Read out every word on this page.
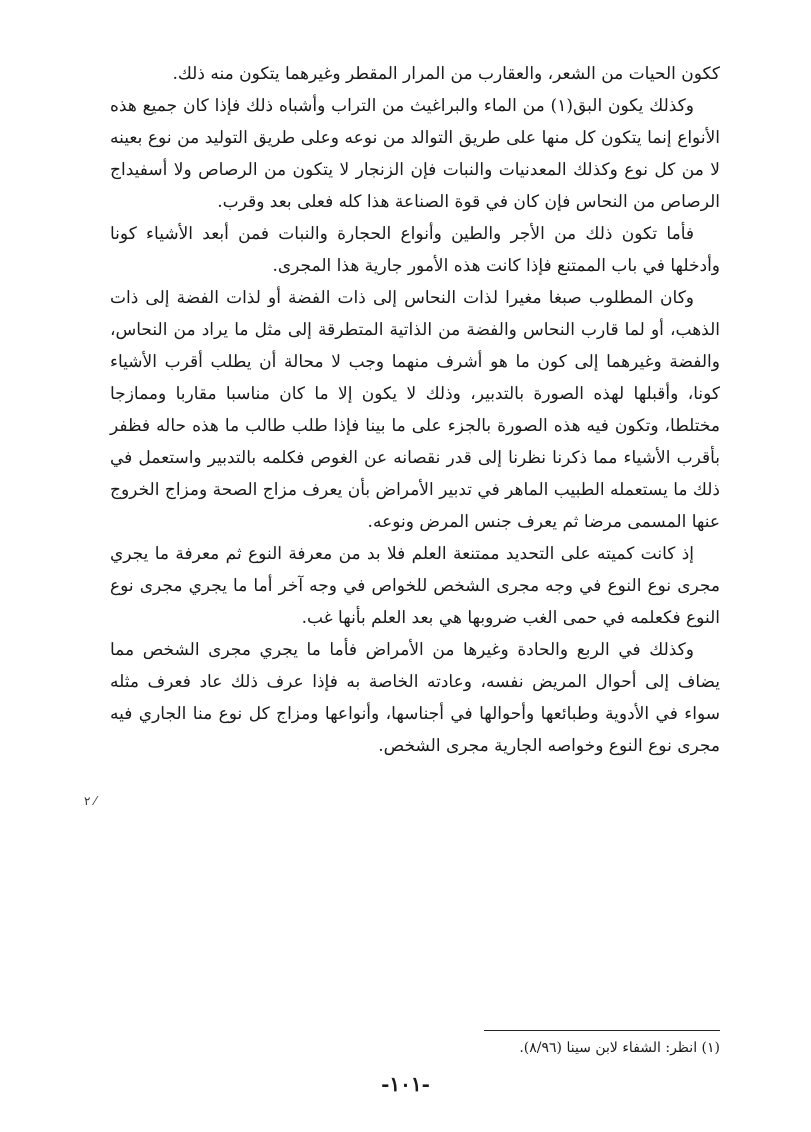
ككون الحيات من الشعر، والعقارب من المرار المقطر وغيرهما يتكون منه ذلك.

وكذلك يكون البق(١) من الماء والبراغيث من التراب وأشباه ذلك فإذا كان جميع هذه الأنواع إنما يتكون كل منها على طريق التوالد من نوعه وعلى طريق التوليد من نوع بعينه لا من كل نوع وكذلك المعدنيات والنبات فإن الزنجار لا يتكون من الرصاص ولا أسفيداج الرصاص من النحاس فإن كان في قوة الصناعة هذا كله فعلى بعد وقرب.

فأما تكون ذلك من الأجر والطين وأنواع الحجارة والنبات فمن أبعد الأشياء كونا وأدخلها في باب الممتنع فإذا كانت هذه الأمور جارية هذا المجرى.

وكان المطلوب صبغا مغيرا لذات النحاس إلى ذات الفضة أو لذات الفضة إلى ذات الذهب، أو لما قارب النحاس والفضة من الذاتية المتطرقة إلى مثل ما يراد من النحاس، والفضة وغيرهما إلى كون ما هو أشرف منهما وجب لا محالة أن يطلب أقرب الأشياء كونا، وأقبلها لهذه الصورة بالتدبير، وذلك لا يكون إلا ما كان مناسبا مقاربا وممازجا مختلطا، وتكون فيه هذه الصورة بالجزء على ما بينا فإذا طلب طالب ما هذه حاله فظفر بأقرب الأشياء مما ذكرنا نظرنا إلى قدر نقصانه عن الغوص فكلمه بالتدبير واستعمل في ذلك ما يستعمله الطبيب الماهر في تدبير الأمراض بأن يعرف مزاج الصحة ومزاج الخروج عنها المسمى مرضا ثم يعرف جنس المرض ونوعه.

إذ كانت كميته على التحديد ممتنعة العلم فلا بد من معرفة النوع ثم معرفة ما يجري مجرى نوع النوع في وجه مجرى الشخص للخواص في وجه آخر أما ما يجري مجرى نوع النوع فكعلمه في حمى الغب ضروبها هي بعد العلم بأنها غب.

وكذلك في الربع والحادة وغيرها من الأمراض فأما ما يجري مجرى الشخص مما يضاف إلى أحوال المريض نفسه، وعادته الخاصة به فإذا عرف ذلك عاد فعرف مثله سواء في الأدوية وطبائعها وأحوالها في أجناسها، وأنواعها ومزاج كل نوع منا الجاري فيه مجرى نوع النوع وخواصه الجارية مجرى الشخص.

٢ ⁄
(١) انظر: الشفاء لابن سينا (٨/٩٦).
-١٠١-
